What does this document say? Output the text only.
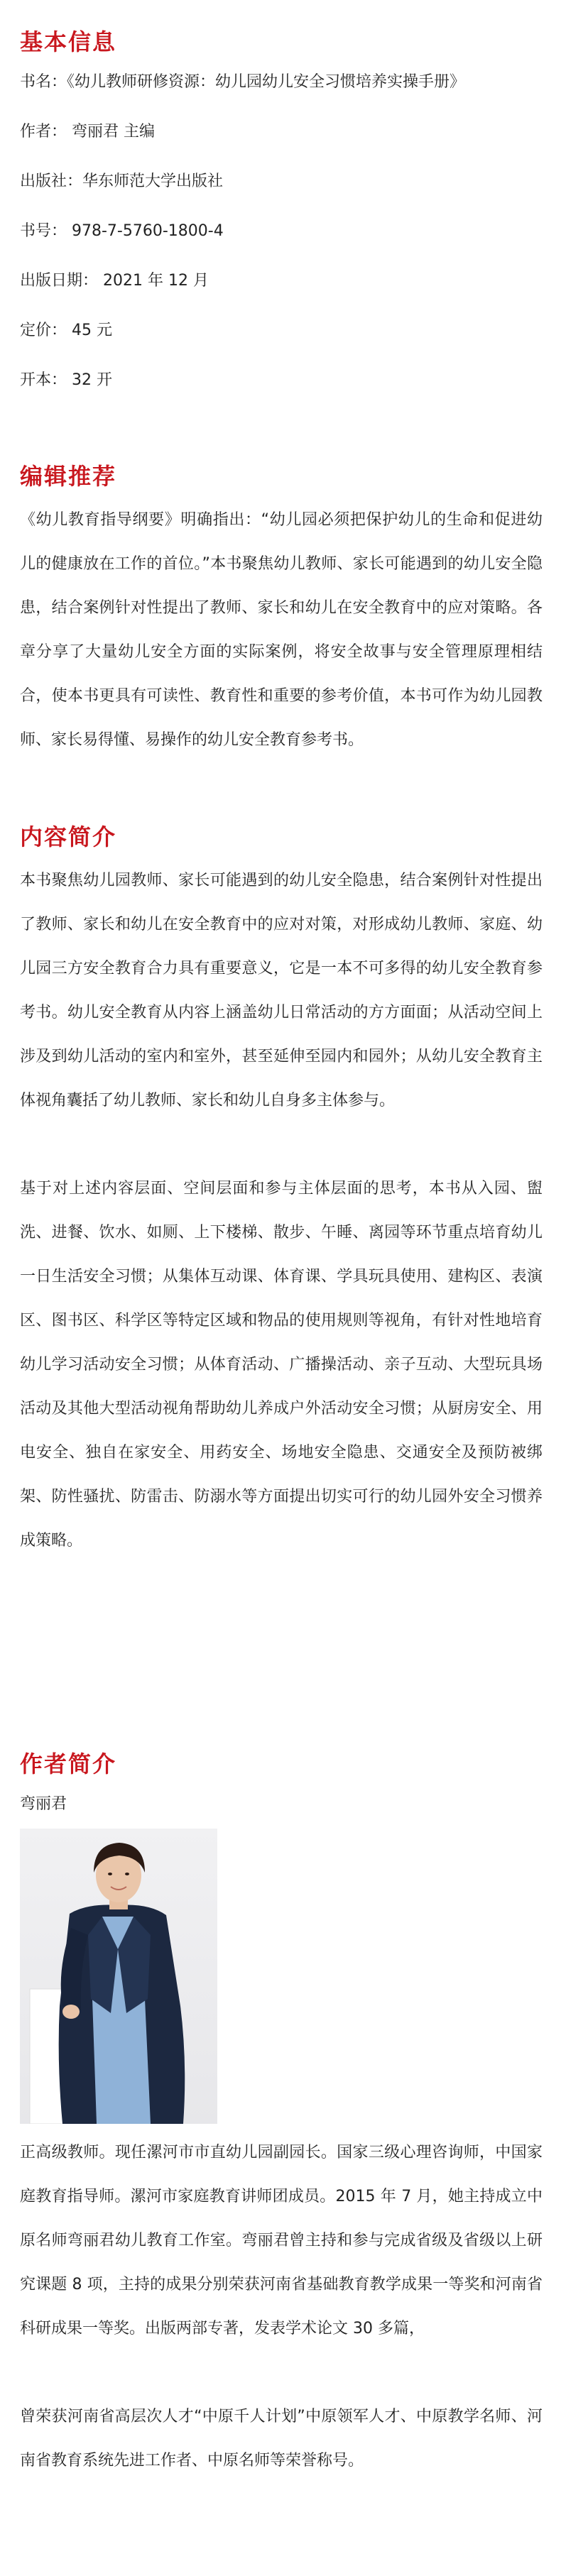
基本信息
书名：《幼儿教师研修资源：幼儿园幼儿安全习惯培养实操手册》
作者： 弯丽君 主编
出版社：华东师范大学出版社
书号： 978-7-5760-1800-4
出版日期： 2021 年 12 月
定价： 45 元
开本： 32 开
编辑推荐

《幼儿教育指导纲要》明确指出：“幼儿园必须把保护幼儿的生命和促进幼儿的健康放在工作的首位。”本书聚焦幼儿教师、家长可能遇到的幼儿安全隐患，结合案例针对性提出了教师、家长和幼儿在安全教育中的应对策略。各章分享了大量幼儿安全方面的实际案例，将安全故事与安全管理原理相结合，使本书更具有可读性、教育性和重要的参考价值，本书可作为幼儿园教师、家长易得懂、易操作的幼儿安全教育参考书。

内容简介

本书聚焦幼儿园教师、家长可能遇到的幼儿安全隐患，结合案例针对性提出了教师、家长和幼儿在安全教育中的应对对策，对形成幼儿教师、家庭、幼儿园三方安全教育合力具有重要意义，它是一本不可多得的幼儿安全教育参考书。幼儿安全教育从内容上涵盖幼儿日常活动的方方面面；从活动空间上涉及到幼儿活动的室内和室外，甚至延伸至园内和园外；从幼儿安全教育主体视角囊括了幼儿教师、家长和幼儿自身多主体参与。

基于对上述内容层面、空间层面和参与主体层面的思考，本书从入园、盥洗、进餐、饮水、如厕、上下楼梯、散步、午睡、离园等环节重点培育幼儿一日生活安全习惯；从集体互动课、体育课、学具玩具使用、建构区、表演区、图书区、科学区等特定区域和物品的使用规则等视角，有针对性地培育幼儿学习活动安全习惯；从体育活动、广播操活动、亲子互动、大型玩具场活动及其他大型活动视角帮助幼儿养成户外活动安全习惯；从厨房安全、用电安全、独自在家安全、用药安全、场地安全隐患、交通安全及预防被绑架、防性骚扰、防雷击、防溺水等方面提出切实可行的幼儿园外安全习惯养成策略。

作者简介
弯丽君

正高级教师。现任漯河市市直幼儿园副园长。国家三级心理咨询师，中国家庭教育指导师。漯河市家庭教育讲师团成员。2015 年 7 月，她主持成立中原名师弯丽君幼儿教育工作室。弯丽君曾主持和参与完成省级及省级以上研究课题 8 项，主持的成果分别荣获河南省基础教育教学成果一等奖和河南省科研成果一等奖。出版两部专著，发表学术论文 30 多篇，

曾荣获河南省高层次人才“中原千人计划”中原领军人才、中原教学名师、河南省教育系统先进工作者、中原名师等荣誉称号。
